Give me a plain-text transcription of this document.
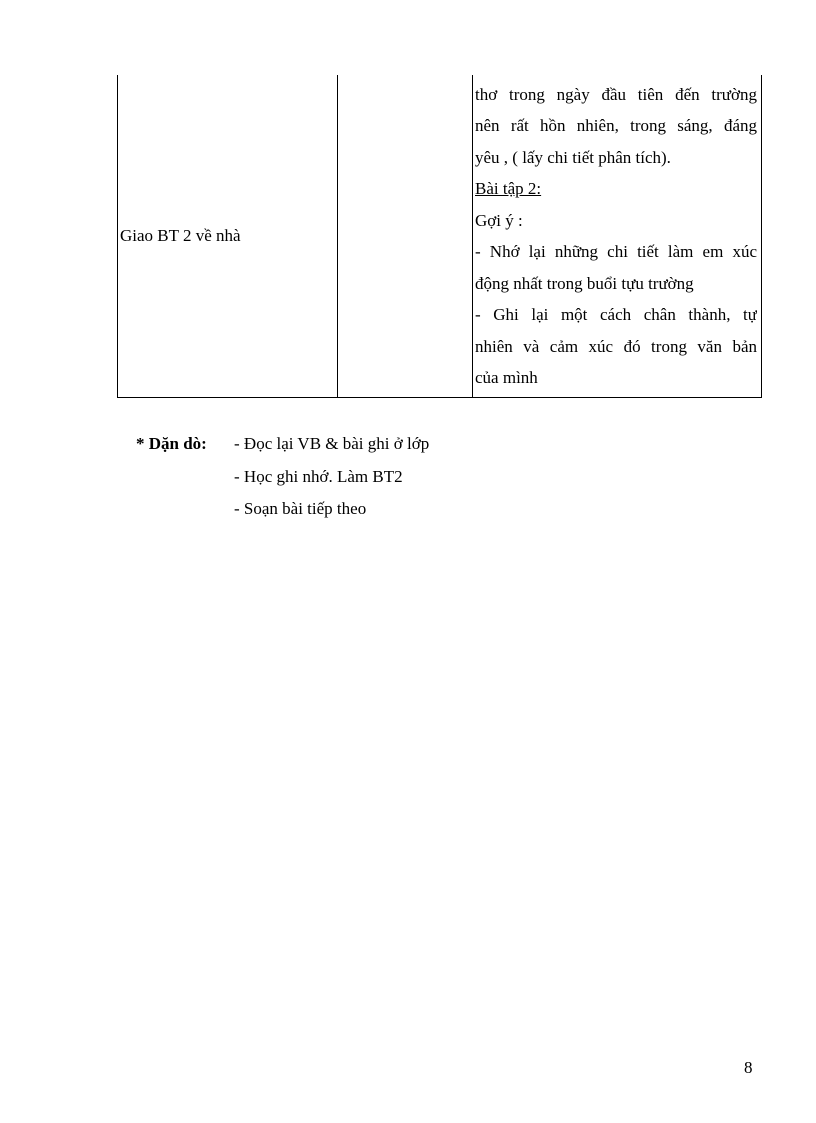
Giao BT 2 về nhà

thơ trong ngày đầu tiên đến trường
nên rất hồn nhiên, trong sáng, đáng
yêu , ( lấy chi tiết phân tích).
Bài tập 2:
Gợi ý :
- Nhớ lại những chi tiết làm em xúc
động nhất trong buổi tựu trường
- Ghi lại một cách chân thành, tự
nhiên và cảm xúc đó trong văn bản
của mình
* Dặn dò:	- Đọc lại VB & bài ghi ở lớp
- Học ghi nhớ. Làm BT2
- Soạn bài tiếp theo
8
